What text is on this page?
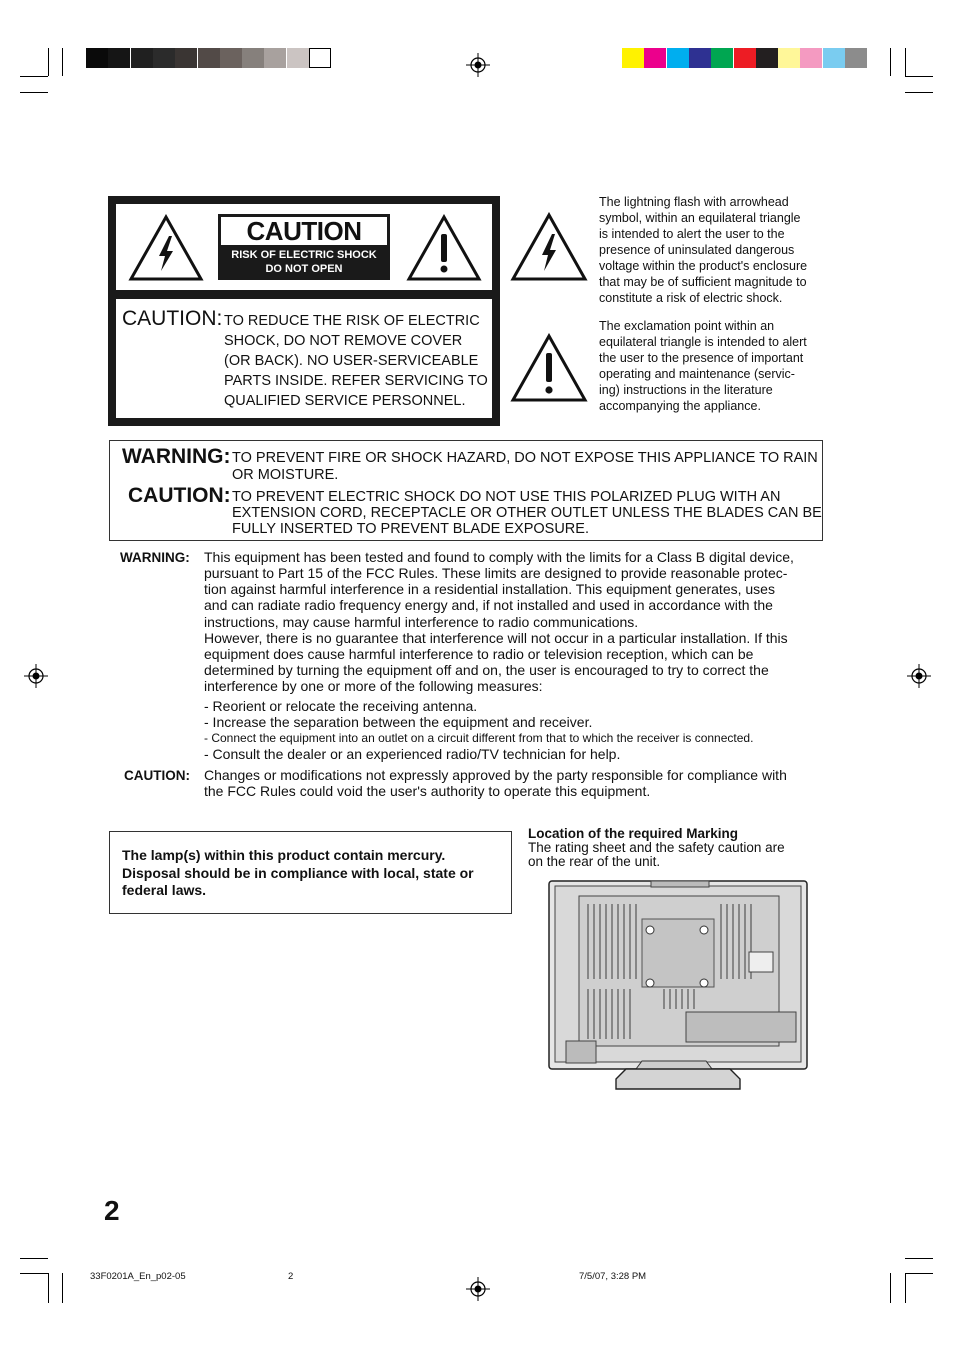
CAUTION
RISK OF ELECTRIC SHOCK
DO NOT OPEN
CAUTION: TO REDUCE THE RISK OF ELECTRIC
SHOCK, DO NOT REMOVE COVER
(OR BACK). NO USER-SERVICEABLE
PARTS INSIDE. REFER SERVICING TO
QUALIFIED SERVICE PERSONNEL.
The lightning flash with arrowhead
symbol, within an equilateral triangle
is intended to alert the user to the
presence of uninsulated dangerous
voltage within the product's enclosure
that may be of sufficient magnitude to
constitute a risk of electric shock.
The exclamation point within an
equilateral triangle is intended to alert
the user to the presence of important
operating and maintenance (servic-
ing) instructions in the literature
accompanying the appliance.
WARNING: TO PREVENT FIRE OR SHOCK HAZARD, DO NOT EXPOSE THIS APPLIANCE TO RAIN
OR MOISTURE.
CAUTION: TO PREVENT ELECTRIC SHOCK DO NOT USE THIS POLARIZED PLUG WITH AN
EXTENSION CORD, RECEPTACLE OR OTHER OUTLET UNLESS THE BLADES CAN BE
FULLY INSERTED TO PREVENT BLADE EXPOSURE.
WARNING: This equipment has been tested and found to comply with the limits for a Class B digital device,
pursuant to Part 15 of the FCC Rules. These limits are designed to provide reasonable protec-
tion against harmful interference in a residential installation. This equipment generates, uses
and can radiate radio frequency energy and, if not installed and used in accordance with the
instructions, may cause harmful interference to radio communications.
However, there is no guarantee that interference will not occur in a particular installation. If this
equipment does cause harmful interference to radio or television reception, which can be
determined by turning the equipment off and on, the user is encouraged to try to correct the
interference by one or more of the following measures:
- Reorient or relocate the receiving antenna.
- Increase the separation between the equipment and receiver.
- Connect the equipment into an outlet on a circuit different from that to which the receiver is connected.
- Consult the dealer or an experienced radio/TV technician for help.
CAUTION: Changes or modifications not expressly approved by the party responsible for compliance with
the FCC Rules could void the user's authority to operate this equipment.
The lamp(s) within this product contain mercury.
Disposal should be in compliance with local, state or
federal laws.
Location of the required Marking
The rating sheet and the safety caution are
on the rear of the unit.
2
33F0201A_En_p02-05	2	7/5/07, 3:28 PM
